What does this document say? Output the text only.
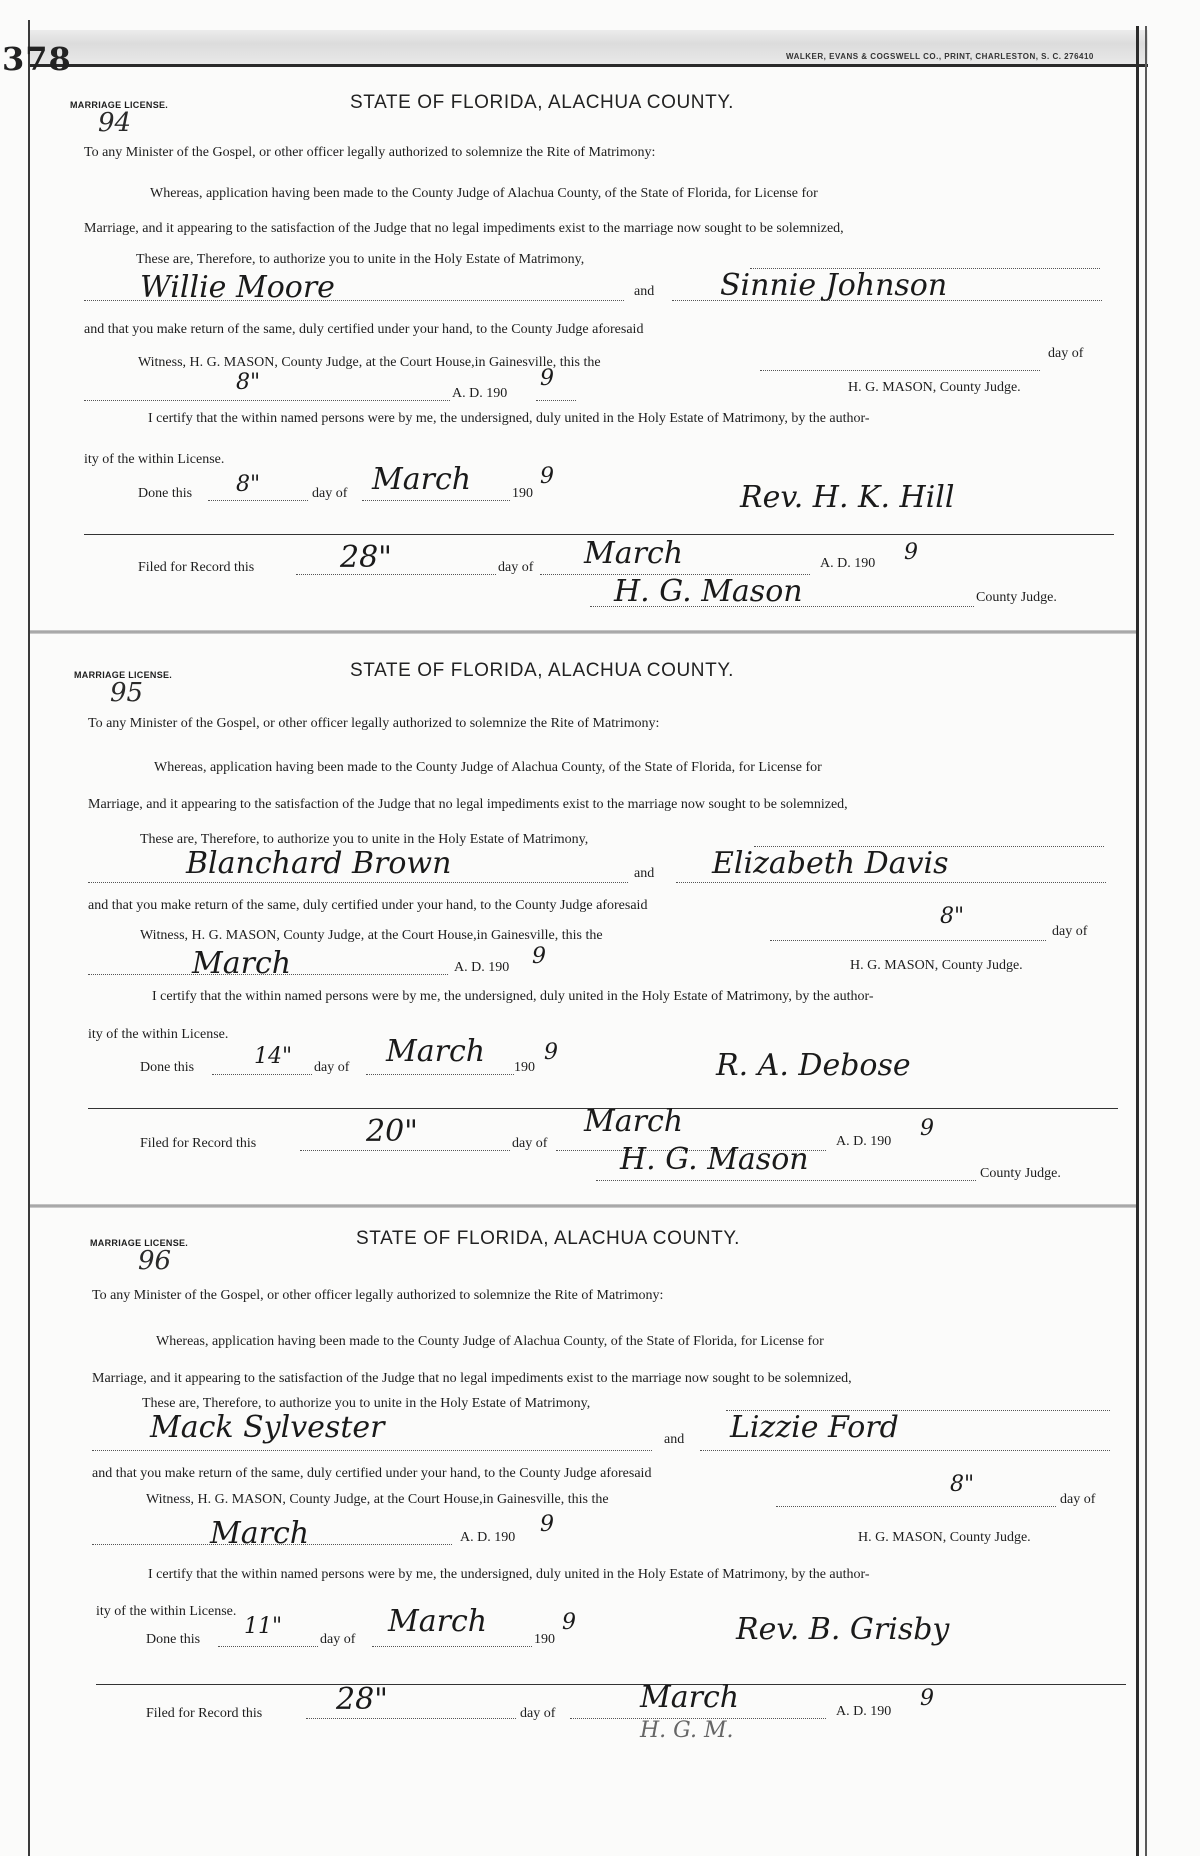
378	WALKER, EVANS & COGSWELL CO., PRINT, CHARLESTON, S. C. 276410
MARRIAGE LICENSE.
94
STATE OF FLORIDA, ALACHUA COUNTY.
To any Minister of the Gospel, or other officer legally authorized to solemnize the Rite of Matrimony:
Whereas, application having been made to the County Judge of Alachua County, of the State of Florida, for License for
Marriage, and it appearing to the satisfaction of the Judge that no legal impediments exist to the marriage now sought to be solemnized,
These are, Therefore, to authorize you to unite in the Holy Estate of Matrimony,
Willie Moore	and Sinnie Johnson
and that you make return of the same, duly certified under your hand, to the County Judge aforesaid
Witness, H. G. MASON, County Judge, at the Court House,in Gainesville, this the
day of
8"	A. D. 190
9	H. G. MASON, County Judge.
I certify that the within named persons were by me, the undersigned, duly united in the Holy Estate of Matrimony, by the author-
ity of the within License.
Done this 8"	day of March	190
9
Rev. H. K. Hill
Filed for Record this	28"	day of March	A. D. 190 9
H. G. Mason	County Judge.
MARRIAGE LICENSE.
95
STATE OF FLORIDA, ALACHUA COUNTY.
To any Minister of the Gospel, or other officer legally authorized to solemnize the Rite of Matrimony:
Whereas, application having been made to the County Judge of Alachua County, of the State of Florida, for License for
Marriage, and it appearing to the satisfaction of the Judge that no legal impediments exist to the marriage now sought to be solemnized,
These are, Therefore, to authorize you to unite in the Holy Estate of Matrimony,
Blanchard Brown	and Elizabeth Davis
and that you make return of the same, duly certified under your hand, to the County Judge aforesaid
Witness, H. G. MASON, County Judge, at the Court House,in Gainesville, this the
8"
day of
March	A. D. 190 9	H. G. MASON, County Judge.
I certify that the within named persons were by me, the undersigned, duly united in the Holy Estate of Matrimony, by the author-
ity of the within License.
Done this	14" day of March 190
9	R. A. Debose
Filed for Record this	20"	day of
March
A. D. 190
9
H. G. Mason	County Judge.
MARRIAGE LICENSE.
96
STATE OF FLORIDA, ALACHUA COUNTY.
To any Minister of the Gospel, or other officer legally authorized to solemnize the Rite of Matrimony:
Whereas, application having been made to the County Judge of Alachua County, of the State of Florida, for License for
Marriage, and it appearing to the satisfaction of the Judge that no legal impediments exist to the marriage now sought to be solemnized,
These are, Therefore, to authorize you to unite in the Holy Estate of Matrimony,
Mack Sylvester	and Lizzie Ford
and that you make return of the same, duly certified under your hand, to the County Judge aforesaid
Witness, H. G. MASON, County Judge, at the Court House,in Gainesville, this the
8"
day of
March	A. D. 190
9
H. G. MASON, County Judge.
I certify that the within named persons were by me, the undersigned, duly united in the Holy Estate of Matrimony, by the author-
ity of the within License.
Done this
11"
day of
March
190
9	Rev. B. Grisby
Filed for Record this 28"	day of	March	A. D. 190
9
H. G. M.
